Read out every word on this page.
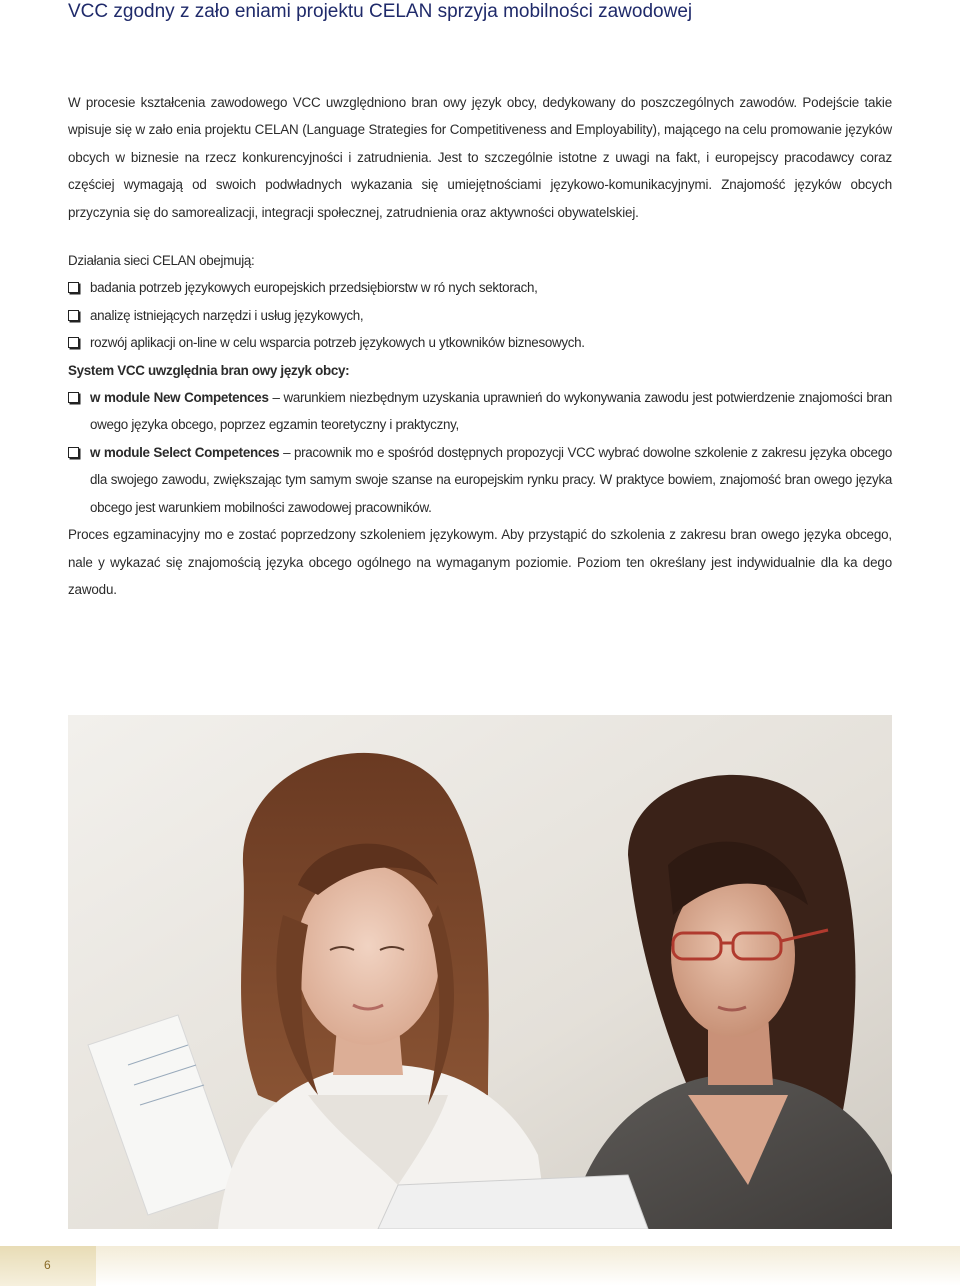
VCC zgodny z zało eniami projektu CELAN sprzyja mobilności zawodowej

W procesie kształcenia zawodowego VCC uwzględniono bran owy język obcy, dedykowany do poszczególnych zawodów. Podejście takie wpisuje się w zało enia projektu CELAN (Language Strategies for Competitiveness and Employability), mającego na celu promowanie języków obcych w biznesie na rzecz konkurencyjności i zatrudnienia. Jest to szczególnie istotne z uwagi na fakt, i europejscy pracodawcy coraz częściej wymagają od swoich podwładnych wykazania się umiejętnościami językowo-komunikacyjnymi. Znajomość języków obcych przyczynia się do samorealizacji, integracji społecznej, zatrudnienia oraz aktywności obywatelskiej.

Działania sieci CELAN obejmują:

badania potrzeb językowych europejskich przedsiębiorstw w ró nych sektorach,
analizę istniejących narzędzi i usług językowych,
rozwój aplikacji on-line w celu wsparcia potrzeb językowych u ytkowników biznesowych.

System VCC uwzględnia bran owy język obcy:

w module New Competences – warunkiem niezbędnym uzyskania uprawnień do wykonywania zawodu jest potwierdzenie znajomości bran owego języka obcego, poprzez egzamin teoretyczny i praktyczny,
w module Select Competences – pracownik mo e spośród dostępnych propozycji VCC wybrać dowolne szkolenie z zakresu języka obcego dla swojego zawodu, zwiększając tym samym swoje szanse na europejskim rynku pracy. W praktyce bowiem, znajomość bran owego języka obcego jest warunkiem mobilności zawodowej pracowników.

Proces egzaminacyjny mo e zostać poprzedzony szkoleniem językowym. Aby przystąpić do szkolenia z zakresu bran owego języka obcego, nale y wykazać się znajomością języka obcego ogólnego na wymaganym poziomie. Poziom ten określany jest indywidualnie dla ka dego zawodu.

6
